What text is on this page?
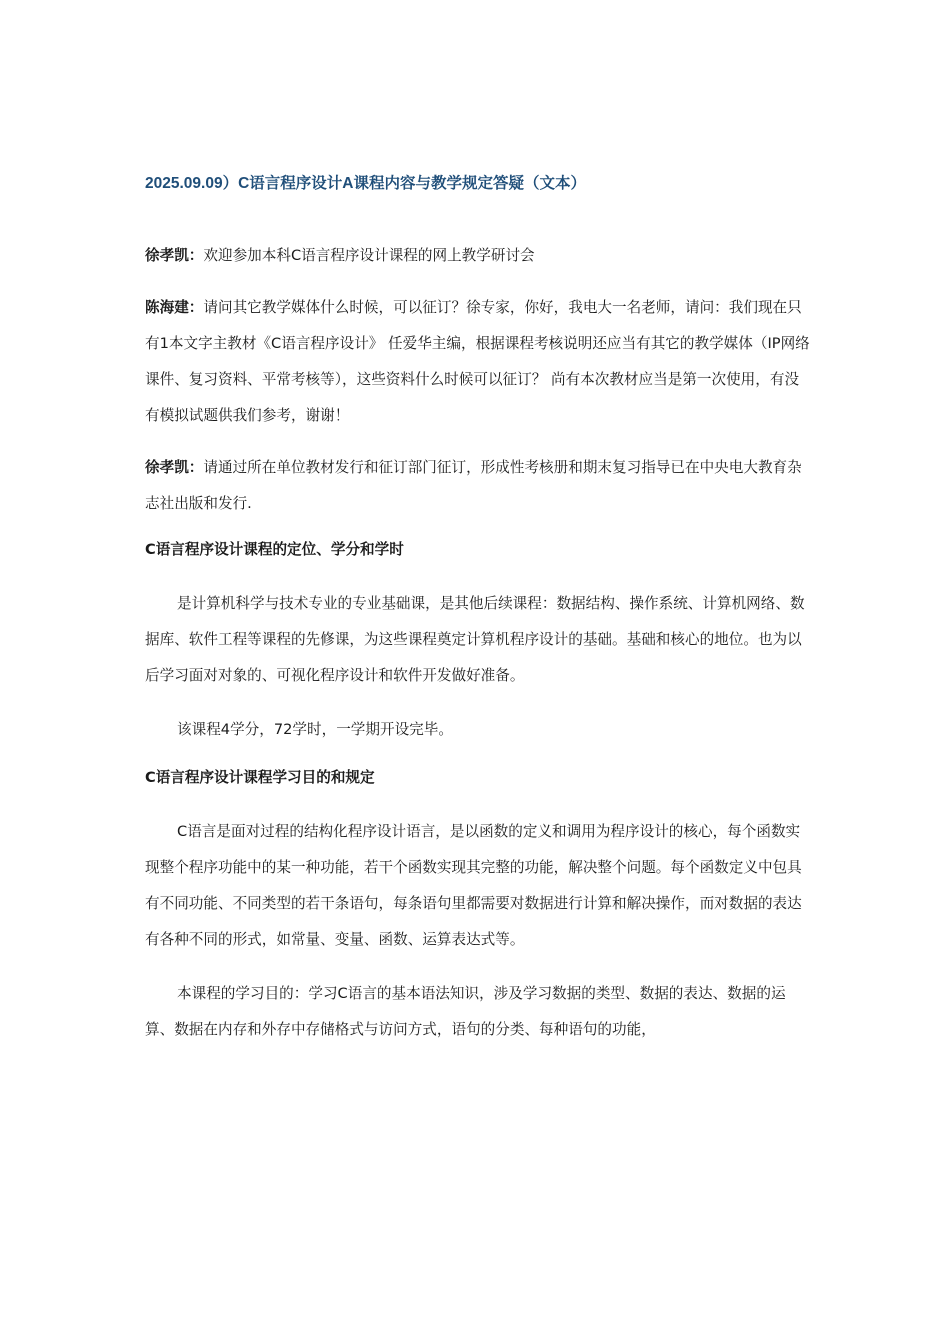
2025.09.09）C语言程序设计A课程内容与教学规定答疑（文本）

徐孝凯：欢迎参加本科C语言程序设计课程的网上教学研讨会

陈海建：请问其它教学媒体什么时候，可以征订？徐专家，你好，我电大一名老师，请问：我们现在只有1本文字主教材《C语言程序设计》 任爱华主编，根据课程考核说明还应当有其它的教学媒体（IP网络课件、复习资料、平常考核等），这些资料什么时候可以征订？ 尚有本次教材应当是第一次使用，有没有模拟试题供我们参考，谢谢！

徐孝凯：请通过所在单位教材发行和征订部门征订，形成性考核册和期末复习指导已在中央电大教育杂志社出版和发行.

C语言程序设计课程的定位、学分和学时

是计算机科学与技术专业的专业基础课，是其他后续课程：数据结构、操作系统、计算机网络、数据库、软件工程等课程的先修课，为这些课程奠定计算机程序设计的基础。基础和核心的地位。也为以后学习面对对象的、可视化程序设计和软件开发做好准备。

该课程4学分，72学时，一学期开设完毕。

C语言程序设计课程学习目的和规定

C语言是面对过程的结构化程序设计语言，是以函数的定义和调用为程序设计的核心，每个函数实现整个程序功能中的某一种功能，若干个函数实现其完整的功能，解决整个问题。每个函数定义中包具有不同功能、不同类型的若干条语句，每条语句里都需要对数据进行计算和解决操作，而对数据的表达有各种不同的形式，如常量、变量、函数、运算表达式等。

本课程的学习目的：学习C语言的基本语法知识，涉及学习数据的类型、数据的表达、数据的运算、数据在内存和外存中存储格式与访问方式，语句的分类、每种语句的功能，
